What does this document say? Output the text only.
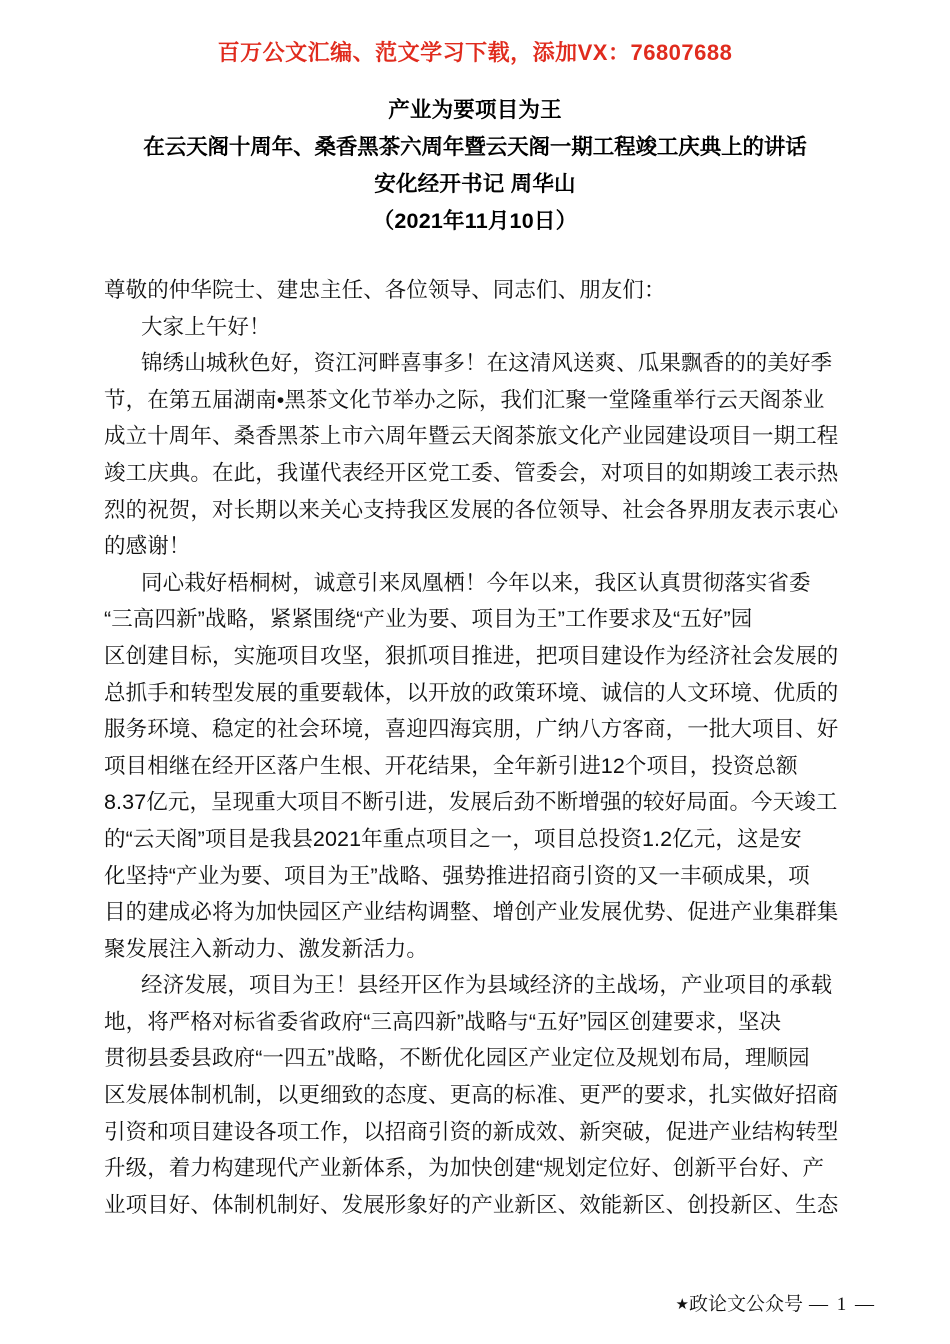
百万公文汇编、范文学习下载，添加VX：76807688
产业为要项目为王
在云天阁十周年、桑香黑茶六周年暨云天阁一期工程竣工庆典上的讲话
安化经开书记 周华山
（2021年11月10日）
尊敬的仲华院士、建忠主任、各位领导、同志们、朋友们：
大家上午好！
锦绣山城秋色好，资江河畔喜事多！在这清风送爽、瓜果飘香的的美好季
节，在第五届湖南•黑茶文化节举办之际，我们汇聚一堂隆重举行云天阁茶业
成立十周年、桑香黑茶上市六周年暨云天阁茶旅文化产业园建设项目一期工程
竣工庆典。在此，我谨代表经开区党工委、管委会，对项目的如期竣工表示热
烈的祝贺，对长期以来关心支持我区发展的各位领导、社会各界朋友表示衷心
的感谢！
同心栽好梧桐树，诚意引来凤凰栖！今年以来，我区认真贯彻落实省委
“三高四新”战略，紧紧围绕“产业为要、项目为王”工作要求及“五好”园
区创建目标，实施项目攻坚，狠抓项目推进，把项目建设作为经济社会发展的
总抓手和转型发展的重要载体，以开放的政策环境、诚信的人文环境、优质的
服务环境、稳定的社会环境，喜迎四海宾朋，广纳八方客商，一批大项目、好
项目相继在经开区落户生根、开花结果，全年新引进12个项目，投资总额
8.37亿元，呈现重大项目不断引进，发展后劲不断增强的较好局面。今天竣工
的“云天阁”项目是我县2021年重点项目之一，项目总投资1.2亿元，这是安
化坚持“产业为要、项目为王”战略、强势推进招商引资的又一丰硕成果，项
目的建成必将为加快园区产业结构调整、增创产业发展优势、促进产业集群集
聚发展注入新动力、激发新活力。
经济发展，项目为王！县经开区作为县域经济的主战场，产业项目的承载
地，将严格对标省委省政府“三高四新”战略与“五好”园区创建要求，坚决
贯彻县委县政府“一四五”战略，不断优化园区产业定位及规划布局，理顺园
区发展体制机制，以更细致的态度、更高的标准、更严的要求，扎实做好招商
引资和项目建设各项工作，以招商引资的新成效、新突破，促进产业结构转型
升级，着力构建现代产业新体系，为加快创建“规划定位好、创新平台好、产
业项目好、体制机制好、发展形象好的产业新区、效能新区、创投新区、生态
★政论文公众号 — 1 —
